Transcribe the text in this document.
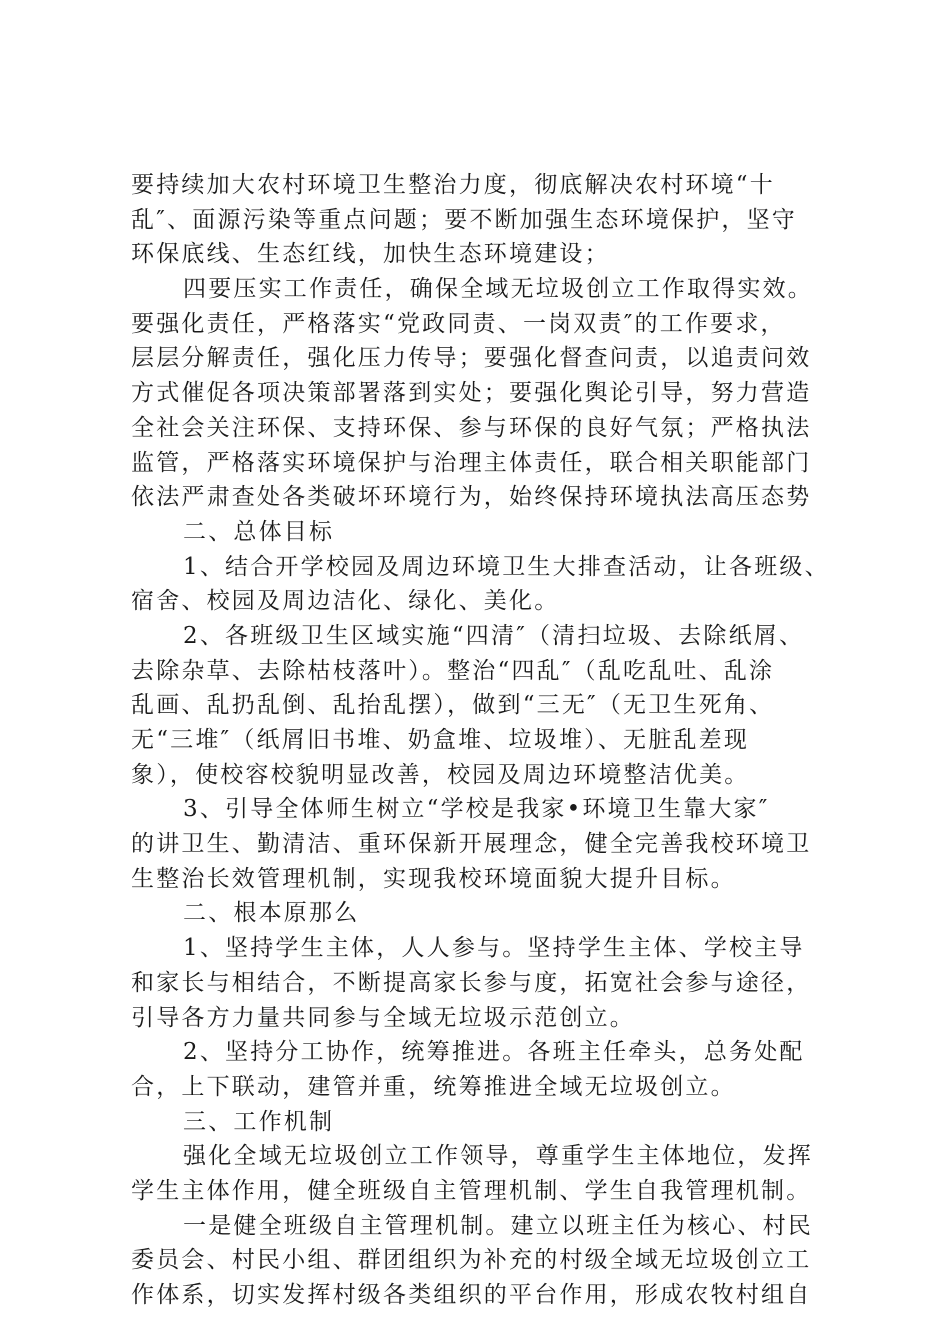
要持续加大农村环境卫生整治力度，彻底解决农村环境“十
乱″、面源污染等重点问题；要不断加强生态环境保护，坚守
环保底线、生态红线，加快生态环境建设；
四要压实工作责任，确保全域无垃圾创立工作取得实效。
要强化责任，严格落实“党政同责、一岗双责″的工作要求，
层层分解责任，强化压力传导；要强化督查问责，以追责问效
方式催促各项决策部署落到实处；要强化舆论引导，努力营造
全社会关注环保、支持环保、参与环保的良好气氛；严格执法
监管，严格落实环境保护与治理主体责任，联合相关职能部门
依法严肃查处各类破坏环境行为，始终保持环境执法高压态势
二、总体目标
1、结合开学校园及周边环境卫生大排查活动，让各班级、
宿舍、校园及周边洁化、绿化、美化。
2、各班级卫生区域实施“四清″（清扫垃圾、去除纸屑、
去除杂草、去除枯枝落叶）。整治“四乱″（乱吃乱吐、乱涂
乱画、乱扔乱倒、乱抬乱摆），做到“三无″（无卫生死角、
无“三堆″（纸屑旧书堆、奶盒堆、垃圾堆）、无脏乱差现
象），使校容校貌明显改善，校园及周边环境整洁优美。
3、引导全体师生树立“学校是我家•环境卫生靠大家″
的讲卫生、勤清洁、重环保新开展理念，健全完善我校环境卫
生整治长效管理机制，实现我校环境面貌大提升目标。
二、根本原那么
1、坚持学生主体，人人参与。坚持学生主体、学校主导
和家长与相结合，不断提高家长参与度，拓宽社会参与途径，
引导各方力量共同参与全域无垃圾示范创立。
2、坚持分工协作，统筹推进。各班主任牵头，总务处配
合，上下联动，建管并重，统筹推进全域无垃圾创立。
三、工作机制
强化全域无垃圾创立工作领导，尊重学生主体地位，发挥
学生主体作用，健全班级自主管理机制、学生自我管理机制。
一是健全班级自主管理机制。建立以班主任为核心、村民
委员会、村民小组、群团组织为补充的村级全域无垃圾创立工
作体系，切实发挥村级各类组织的平台作用，形成农牧村组自
